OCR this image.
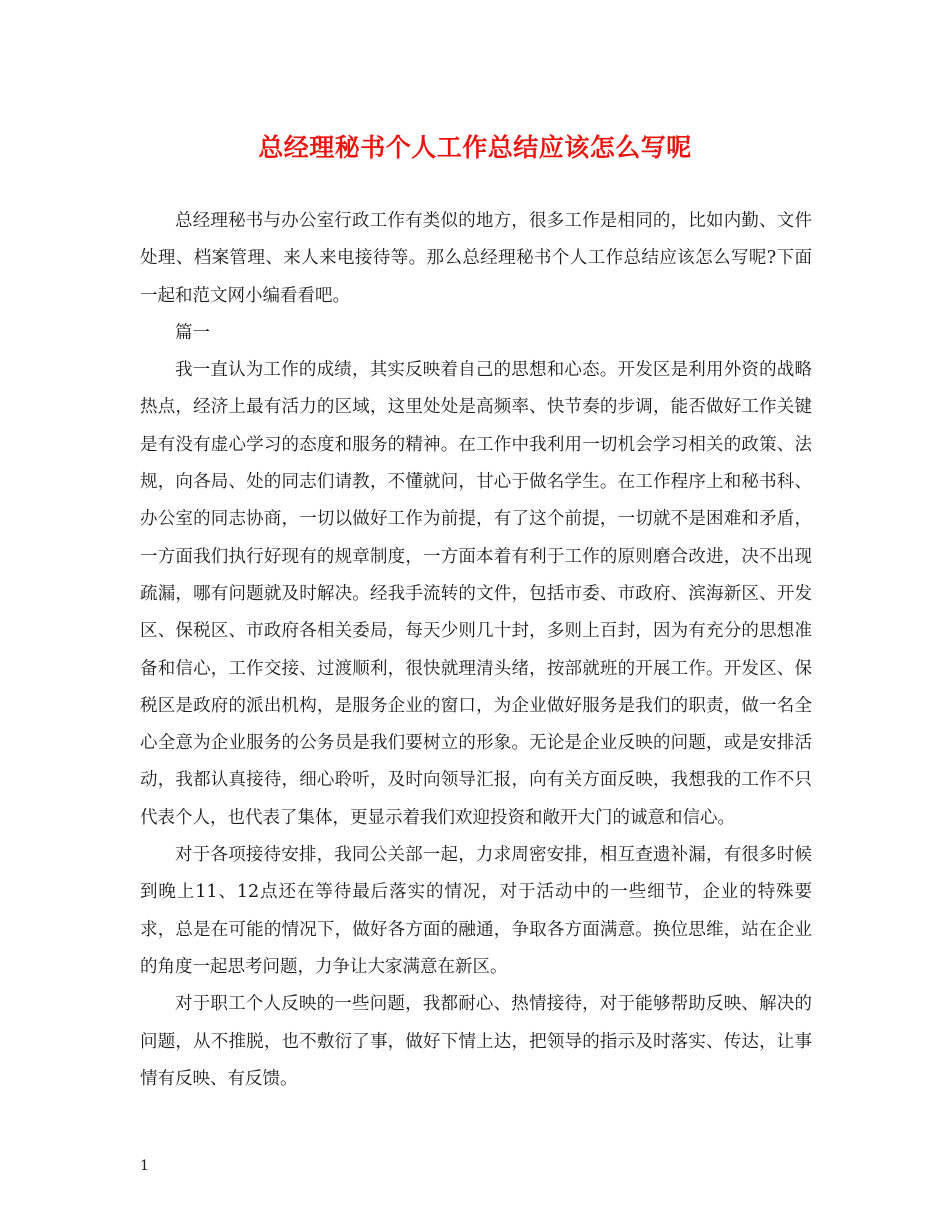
总经理秘书个人工作总结应该怎么写呢

总经理秘书与办公室行政工作有类似的地方，很多工作是相同的，比如内勤、文件处理、档案管理、来人来电接待等。那么总经理秘书个人工作总结应该怎么写呢?下面一起和范文网小编看看吧。

篇一

我一直认为工作的成绩，其实反映着自己的思想和心态。开发区是利用外资的战略热点，经济上最有活力的区域，这里处处是高频率、快节奏的步调，能否做好工作关键是有没有虚心学习的态度和服务的精神。在工作中我利用一切机会学习相关的政策、法规，向各局、处的同志们请教，不懂就问，甘心于做名学生。在工作程序上和秘书科、办公室的同志协商，一切以做好工作为前提，有了这个前提，一切就不是困难和矛盾，一方面我们执行好现有的规章制度，一方面本着有利于工作的原则磨合改进，决不出现疏漏，哪有问题就及时解决。经我手流转的文件，包括市委、市政府、滨海新区、开发区、保税区、市政府各相关委局，每天少则几十封，多则上百封，因为有充分的思想准备和信心，工作交接、过渡顺利，很快就理清头绪，按部就班的开展工作。开发区、保税区是政府的派出机构，是服务企业的窗口，为企业做好服务是我们的职责，做一名全心全意为企业服务的公务员是我们要树立的形象。无论是企业反映的问题，或是安排活动，我都认真接待，细心聆听，及时向领导汇报，向有关方面反映，我想我的工作不只代表个人，也代表了集体，更显示着我们欢迎投资和敞开大门的诚意和信心。

对于各项接待安排，我同公关部一起，力求周密安排，相互查遗补漏，有很多时候到晚上11、12点还在等待最后落实的情况，对于活动中的一些细节，企业的特殊要求，总是在可能的情况下，做好各方面的融通，争取各方面满意。换位思维，站在企业的角度一起思考问题，力争让大家满意在新区。

对于职工个人反映的一些问题，我都耐心、热情接待，对于能够帮助反映、解决的问题，从不推脱，也不敷衍了事，做好下情上达，把领导的指示及时落实、传达，让事情有反映、有反馈。

1
